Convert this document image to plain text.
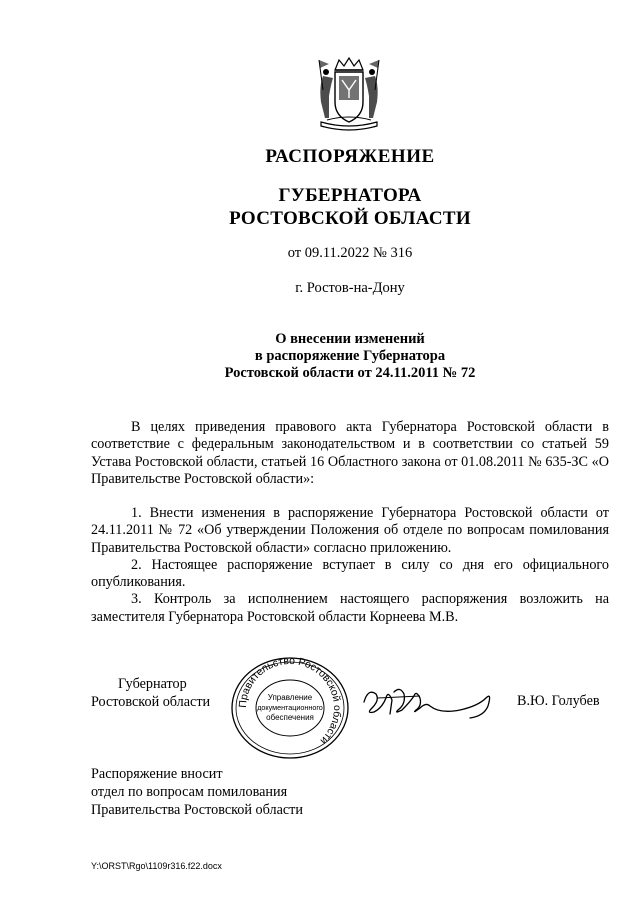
РАСПОРЯЖЕНИЕ
ГУБЕРНАТОРА
РОСТОВСКОЙ ОБЛАСТИ
от 09.11.2022 № 316
г. Ростов-на-Дону
О внесении изменений
в распоряжение Губернатора
Ростовской области от 24.11.2011 № 72

В целях приведения правового акта Губернатора Ростовской области в соответствие с федеральным законодательством и в соответствии со статьей 59 Устава Ростовской области, статьей 16 Областного закона от 01.08.2011 № 635-ЗС «О Правительстве Ростовской области»:

1. Внести изменения в распоряжение Губернатора Ростовской области от 24.11.2011 № 72 «Об утверждении Положения об отделе по вопросам помилования Правительства Ростовской области» согласно приложению.

2. Настоящее распоряжение вступает в силу со дня его официального опубликования.

3. Контроль за исполнением настоящего распоряжения возложить на заместителя Губернатора Ростовской области Корнеева М.В.

Губернатор
Ростовской области	Правительство Ростовской области
Управление
документационного
обеспечения
В.Ю. Голубев
Распоряжение вносит
отдел по вопросам помилования
Правительства Ростовской области
Y:\ORST\Rgo\1109r316.f22.docx
